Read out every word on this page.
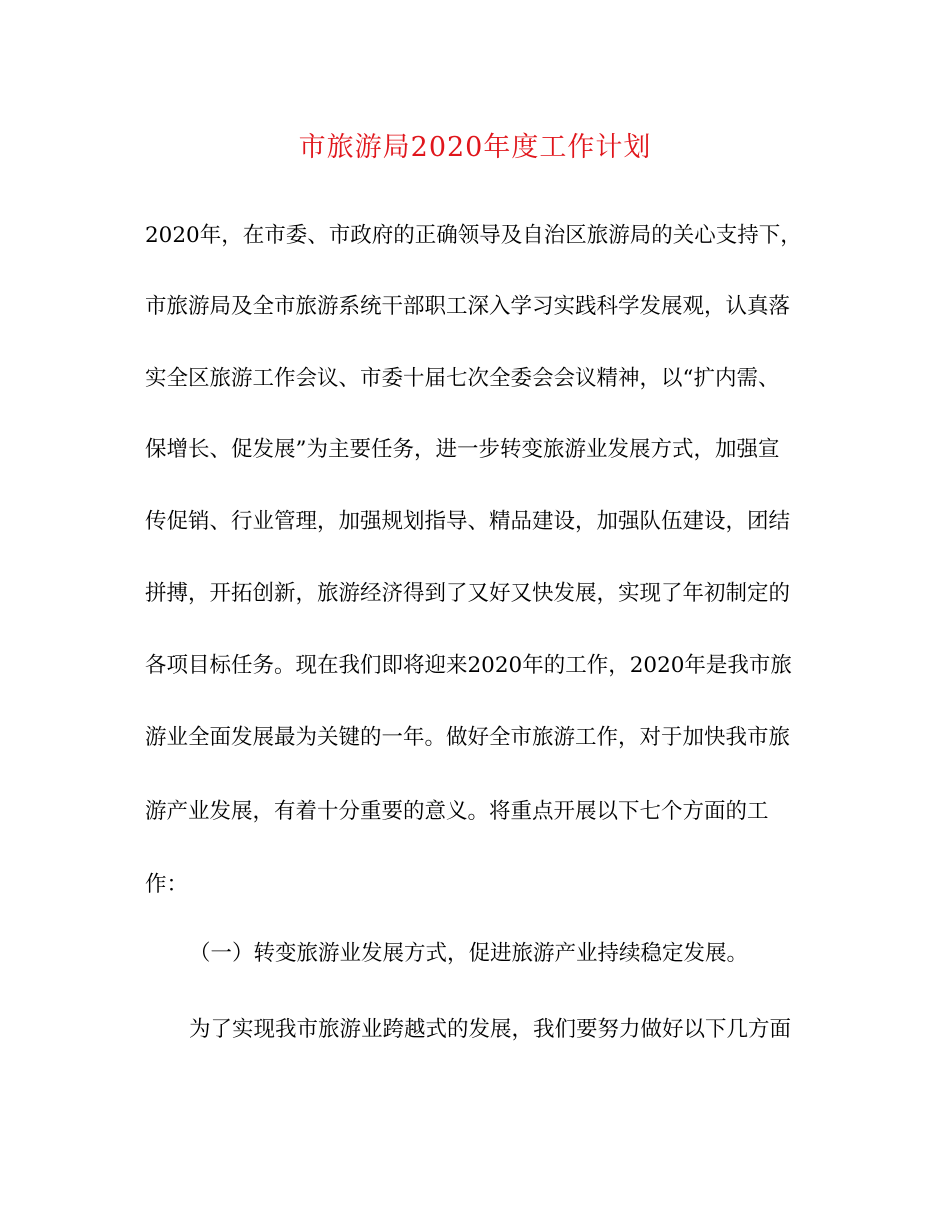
市旅游局2020年度工作计划
2020年，在市委、市政府的正确领导及自治区旅游局的关心支持下，
市旅游局及全市旅游系统干部职工深入学习实践科学发展观，认真落
实全区旅游工作会议、市委十届七次全委会会议精神，以“扩内需、
保增长、促发展”为主要任务，进一步转变旅游业发展方式，加强宣
传促销、行业管理，加强规划指导、精品建设，加强队伍建设，团结
拼搏，开拓创新，旅游经济得到了又好又快发展，实现了年初制定的
各项目标任务。现在我们即将迎来2020年的工作，2020年是我市旅
游业全面发展最为关键的一年。做好全市旅游工作，对于加快我市旅
游产业发展，有着十分重要的意义。将重点开展以下七个方面的工
作：
（一）转变旅游业发展方式，促进旅游产业持续稳定发展。
为了实现我市旅游业跨越式的发展，我们要努力做好以下几方面
